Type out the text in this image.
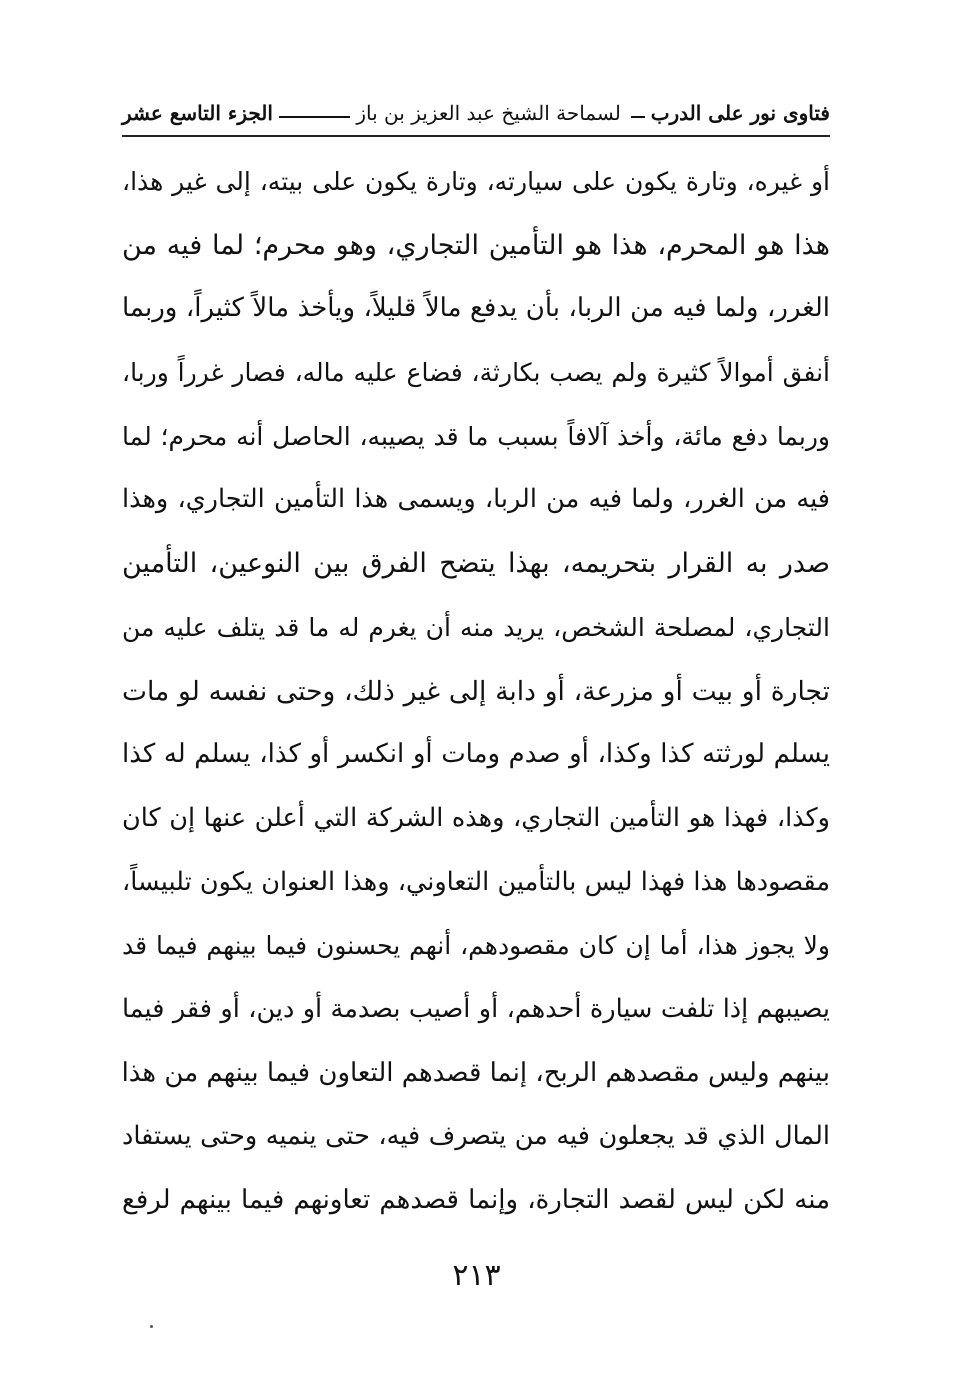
فتاوى نور على الدرب
لسماحة الشيخ عبد العزيز بن باز
الجزء التاسع عشر
أو غيره، وتارة يكون على سيارته، وتارة يكون على بيته، إلى غير هذا،
هذا هو المحرم، هذا هو التأمين التجاري، وهو محرم؛ لما فيه من
الغرر، ولما فيه من الربا، بأن يدفع مالاً قليلاً، ويأخذ مالاً كثيراً، وربما
أنفق أموالاً كثيرة ولم يصب بكارثة، فضاع عليه ماله، فصار غرراً وربا،
وربما دفع مائة، وأخذ آلافاً بسبب ما قد يصيبه، الحاصل أنه محرم؛ لما
فيه من الغرر، ولما فيه من الربا، ويسمى هذا التأمين التجاري، وهذا
صدر به القرار بتحريمه، بهذا يتضح الفرق بين النوعين، التأمين
التجاري، لمصلحة الشخص، يريد منه أن يغرم له ما قد يتلف عليه من
تجارة أو بيت أو مزرعة، أو دابة إلى غير ذلك، وحتى نفسه لو مات
يسلم لورثته كذا وكذا، أو صدم ومات أو انكسر أو كذا، يسلم له كذا
وكذا، فهذا هو التأمين التجاري، وهذه الشركة التي أعلن عنها إن كان
مقصودها هذا فهذا ليس بالتأمين التعاوني، وهذا العنوان يكون تلبيساً،
ولا يجوز هذا، أما إن كان مقصودهم، أنهم يحسنون فيما بينهم فيما قد
يصيبهم إذا تلفت سيارة أحدهم، أو أصيب بصدمة أو دين، أو فقر فيما
بينهم وليس مقصدهم الربح، إنما قصدهم التعاون فيما بينهم من هذا
المال الذي قد يجعلون فيه من يتصرف فيه، حتى ينميه وحتى يستفاد
منه لكن ليس لقصد التجارة، وإنما قصدهم تعاونهم فيما بينهم لرفع
٢١٣
